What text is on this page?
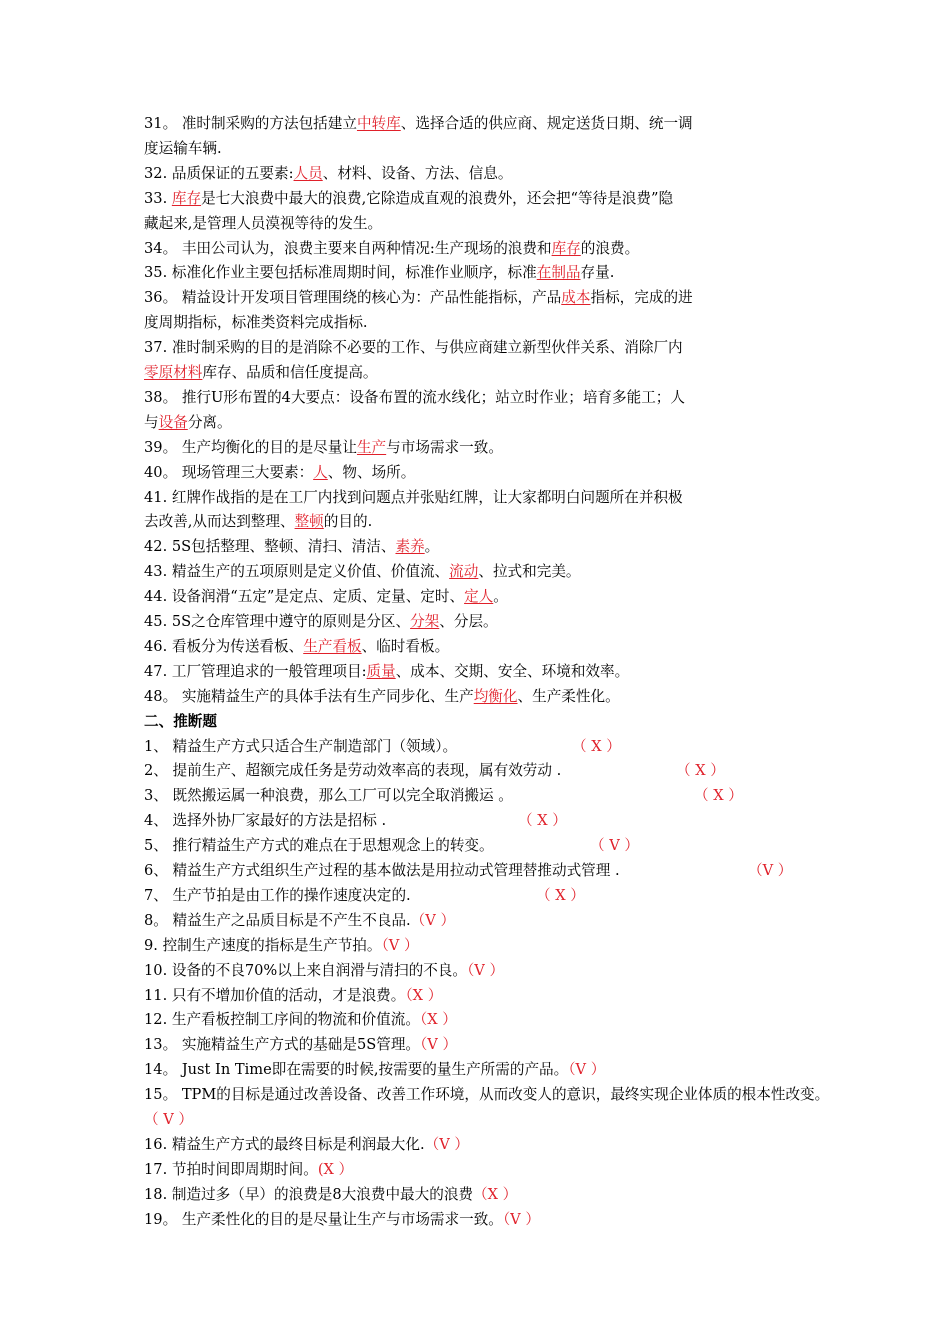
31。 准时制采购的方法包括建立中转库、选择合适的供应商、规定送货日期、统一调
度运输车辆.
32. 品质保证的五要素:人员、材料、设备、方法、信息。
33. 库存是七大浪费中最大的浪费,它除造成直观的浪费外，还会把“等待是浪费”隐
藏起来,是管理人员漠视等待的发生。
34。 丰田公司认为，浪费主要来自两种情况:生产现场的浪费和库存的浪费。
35. 标准化作业主要包括标准周期时间，标准作业顺序，标准在制品存量.
36。 精益设计开发项目管理围绕的核心为：产品性能指标，产品成本指标，完成的进
度周期指标，标准类资料完成指标.
37. 准时制采购的目的是消除不必要的工作、与供应商建立新型伙伴关系、消除厂内
零原材料库存、品质和信任度提高。
38。 推行U形布置的4大要点：设备布置的流水线化；站立时作业；培育多能工；人
与设备分离。
39。 生产均衡化的目的是尽量让生产与市场需求一致。
40。 现场管理三大要素：人、物、场所。
41. 红牌作战指的是在工厂内找到问题点并张贴红牌，让大家都明白问题所在并积极
去改善,从而达到整理、整顿的目的.
42. 5S包括整理、整顿、清扫、清洁、素养。
43. 精益生产的五项原则是定义价值、价值流、流动、拉式和完美。
44. 设备润滑“五定”是定点、定质、定量、定时、定人。
45. 5S之仓库管理中遵守的原则是分区、分架、分层。
46. 看板分为传送看板、生产看板、临时看板。
47. 工厂管理追求的一般管理项目:质量、成本、交期、安全、环境和效率。
48。 实施精益生产的具体手法有生产同步化、生产均衡化、生产柔性化。
二、推断题
1、 精益生产方式只适合生产制造部门（领域）。	（ X ）
2、 提前生产、超额完成任务是劳动效率高的表现，属有效劳动 .	（ X ）
3、 既然搬运属一种浪费，那么工厂可以完全取消搬运 。	（ X ）
4、 选择外协厂家最好的方法是招标 .	（ X ）
5、 推行精益生产方式的难点在于思想观念上的转变。	（ V ）
6、 精益生产方式组织生产过程的基本做法是用拉动式管理替推动式管理 .	（V ）
7、 生产节拍是由工作的操作速度决定的.	（ X ）
8。 精益生产之品质目标是不产生不良品.（V ）
9. 控制生产速度的指标是生产节拍。（V ）
10. 设备的不良70%以上来自润滑与清扫的不良。（V ）
11. 只有不增加价值的活动，才是浪费。（X ）
12. 生产看板控制工序间的物流和价值流。（X ）
13。 实施精益生产方式的基础是5S管理。（V ）
14。 Just In Time即在需要的时候,按需要的量生产所需的产品。（V ）
15。 TPM的目标是通过改善设备、改善工作环境，从而改变人的意识，最终实现企业体质的根本性改变。
（ V ）
16. 精益生产方式的最终目标是利润最大化.（V ）
17. 节拍时间即周期时间。(X ）
18. 制造过多（早）的浪费是8大浪费中最大的浪费（X ）
19。 生产柔性化的目的是尽量让生产与市场需求一致。（V ）
